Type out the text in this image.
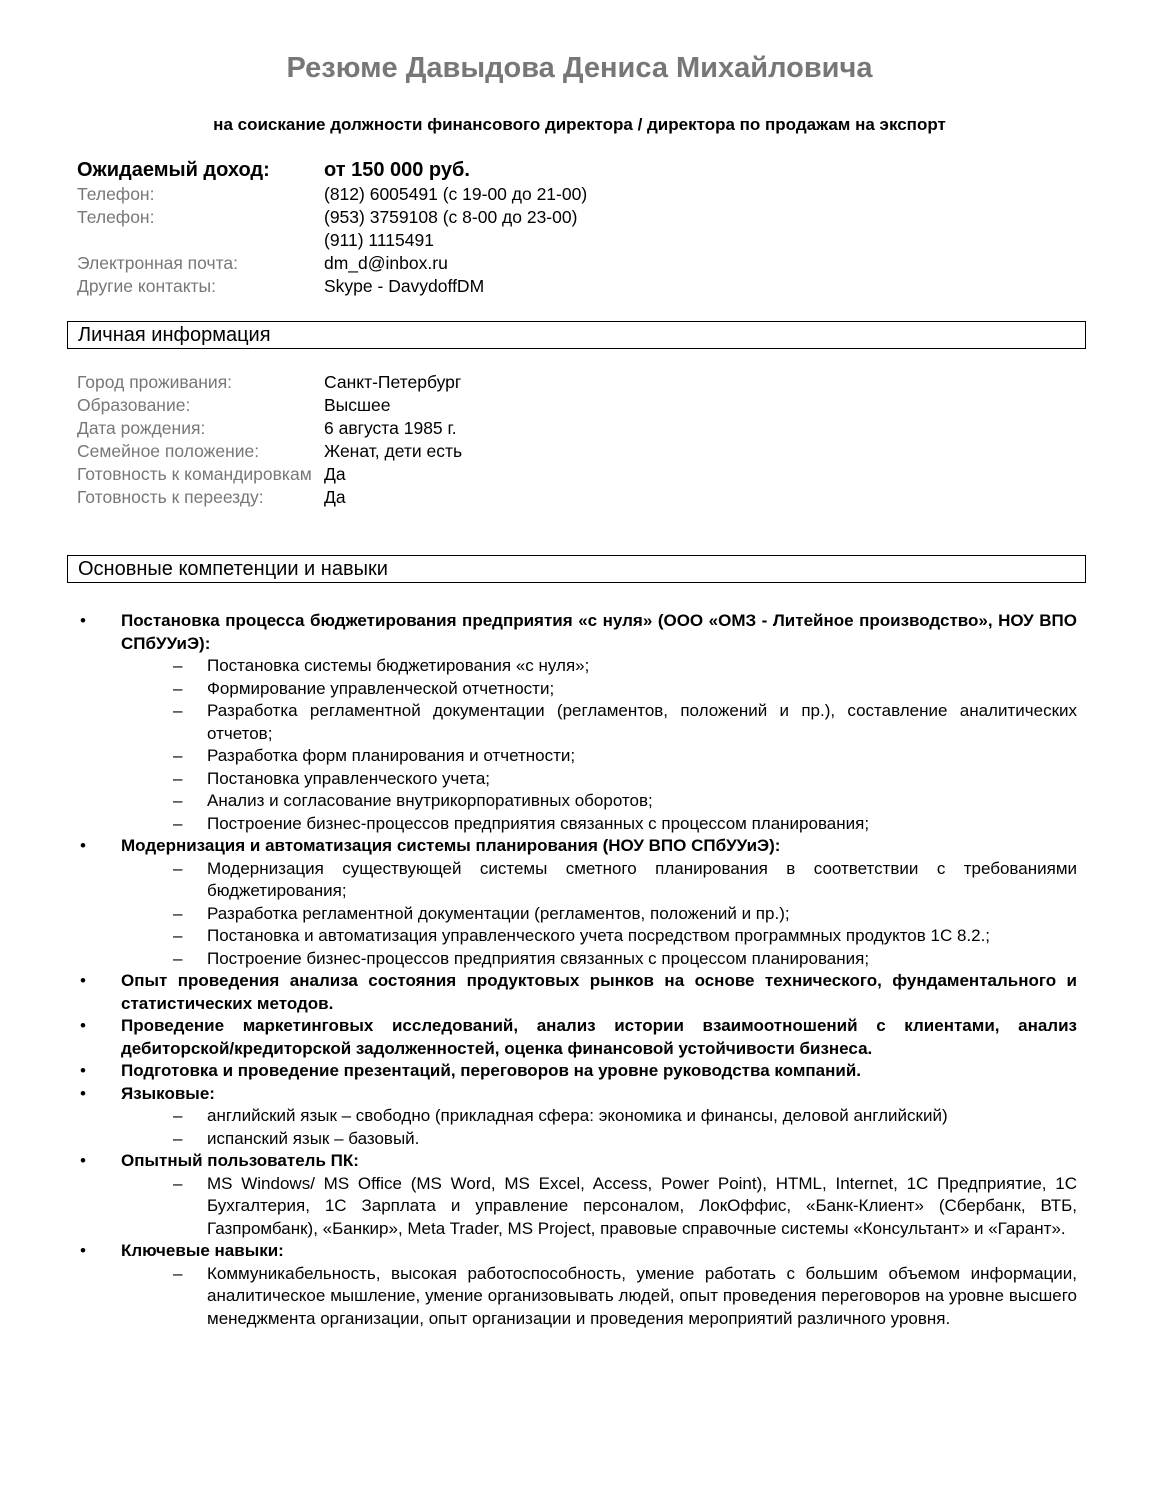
Резюме Давыдова Дениса Михайловича
на соискание должности финансового директора / директора по продажам на экспорт
Ожидаемый доход:	от 150 000 руб.
Телефон:	(812) 6005491 (с 19-00 до 21-00)
Телефон:	(953) 3759108 (с 8-00 до 23-00)
(911) 1115491
Электронная почта:	dm_d@inbox.ru
Другие контакты:	Skype - DavydoffDM
Личная информация
Город проживания:	Санкт-Петербург
Образование:	Высшее
Дата рождения:	6 августа 1985 г.
Семейное положение:	Женат, дети есть
Готовность к командировкам Да
Готовность к переезду:	Да
Основные компетенции и навыки
•	Постановка процесса бюджетирования предприятия «с нуля» (ООО «ОМЗ - Литейное производство», НОУ ВПО СПбУУиЭ):
–	Постановка системы бюджетирования «с нуля»;
–	Формирование управленческой отчетности;
–	Разработка регламентной документации (регламентов, положений и пр.), составление аналитических отчетов;
–	Разработка форм планирования и отчетности;
–	Постановка управленческого учета;
–	Анализ и согласование внутрикорпоративных оборотов;
–	Построение бизнес-процессов предприятия связанных с процессом планирования;
•	Модернизация и автоматизация системы планирования (НОУ ВПО СПбУУиЭ):
–	Модернизация существующей системы сметного планирования в соответствии с требованиями бюджетирования;
–	Разработка регламентной документации (регламентов, положений и пр.);
–	Постановка и автоматизация управленческого учета посредством программных продуктов 1С 8.2.;
–	Построение бизнес-процессов предприятия связанных с процессом планирования;
•	Опыт проведения анализа состояния продуктовых рынков на основе технического, фундаментального и статистических методов.
•	Проведение маркетинговых исследований, анализ истории взаимоотношений с клиентами, анализ дебиторской/кредиторской задолженностей, оценка финансовой устойчивости бизнеса.
•	Подготовка и проведение презентаций, переговоров на уровне руководства компаний.
•	Языковые:
–	английский язык – свободно (прикладная сфера: экономика и финансы, деловой английский)
–	испанский язык – базовый.
•	Опытный пользователь ПК:
–	MS Windows/ MS Office (MS Word, MS Excel, Access, Power Point), HTML, Internet, 1С Предприятие, 1С Бухгалтерия, 1С Зарплата и управление персоналом, ЛокОффис, «Банк-Клиент» (Сбербанк, ВТБ, Газпромбанк), «Банкир», Meta Trader, MS Project, правовые справочные системы «Консультант» и «Гарант».
•	Ключевые навыки:
–	Коммуникабельность, высокая работоспособность, умение работать с большим объемом информации, аналитическое мышление, умение организовывать людей, опыт проведения переговоров на уровне высшего менеджмента организации, опыт организации и проведения мероприятий различного уровня.
